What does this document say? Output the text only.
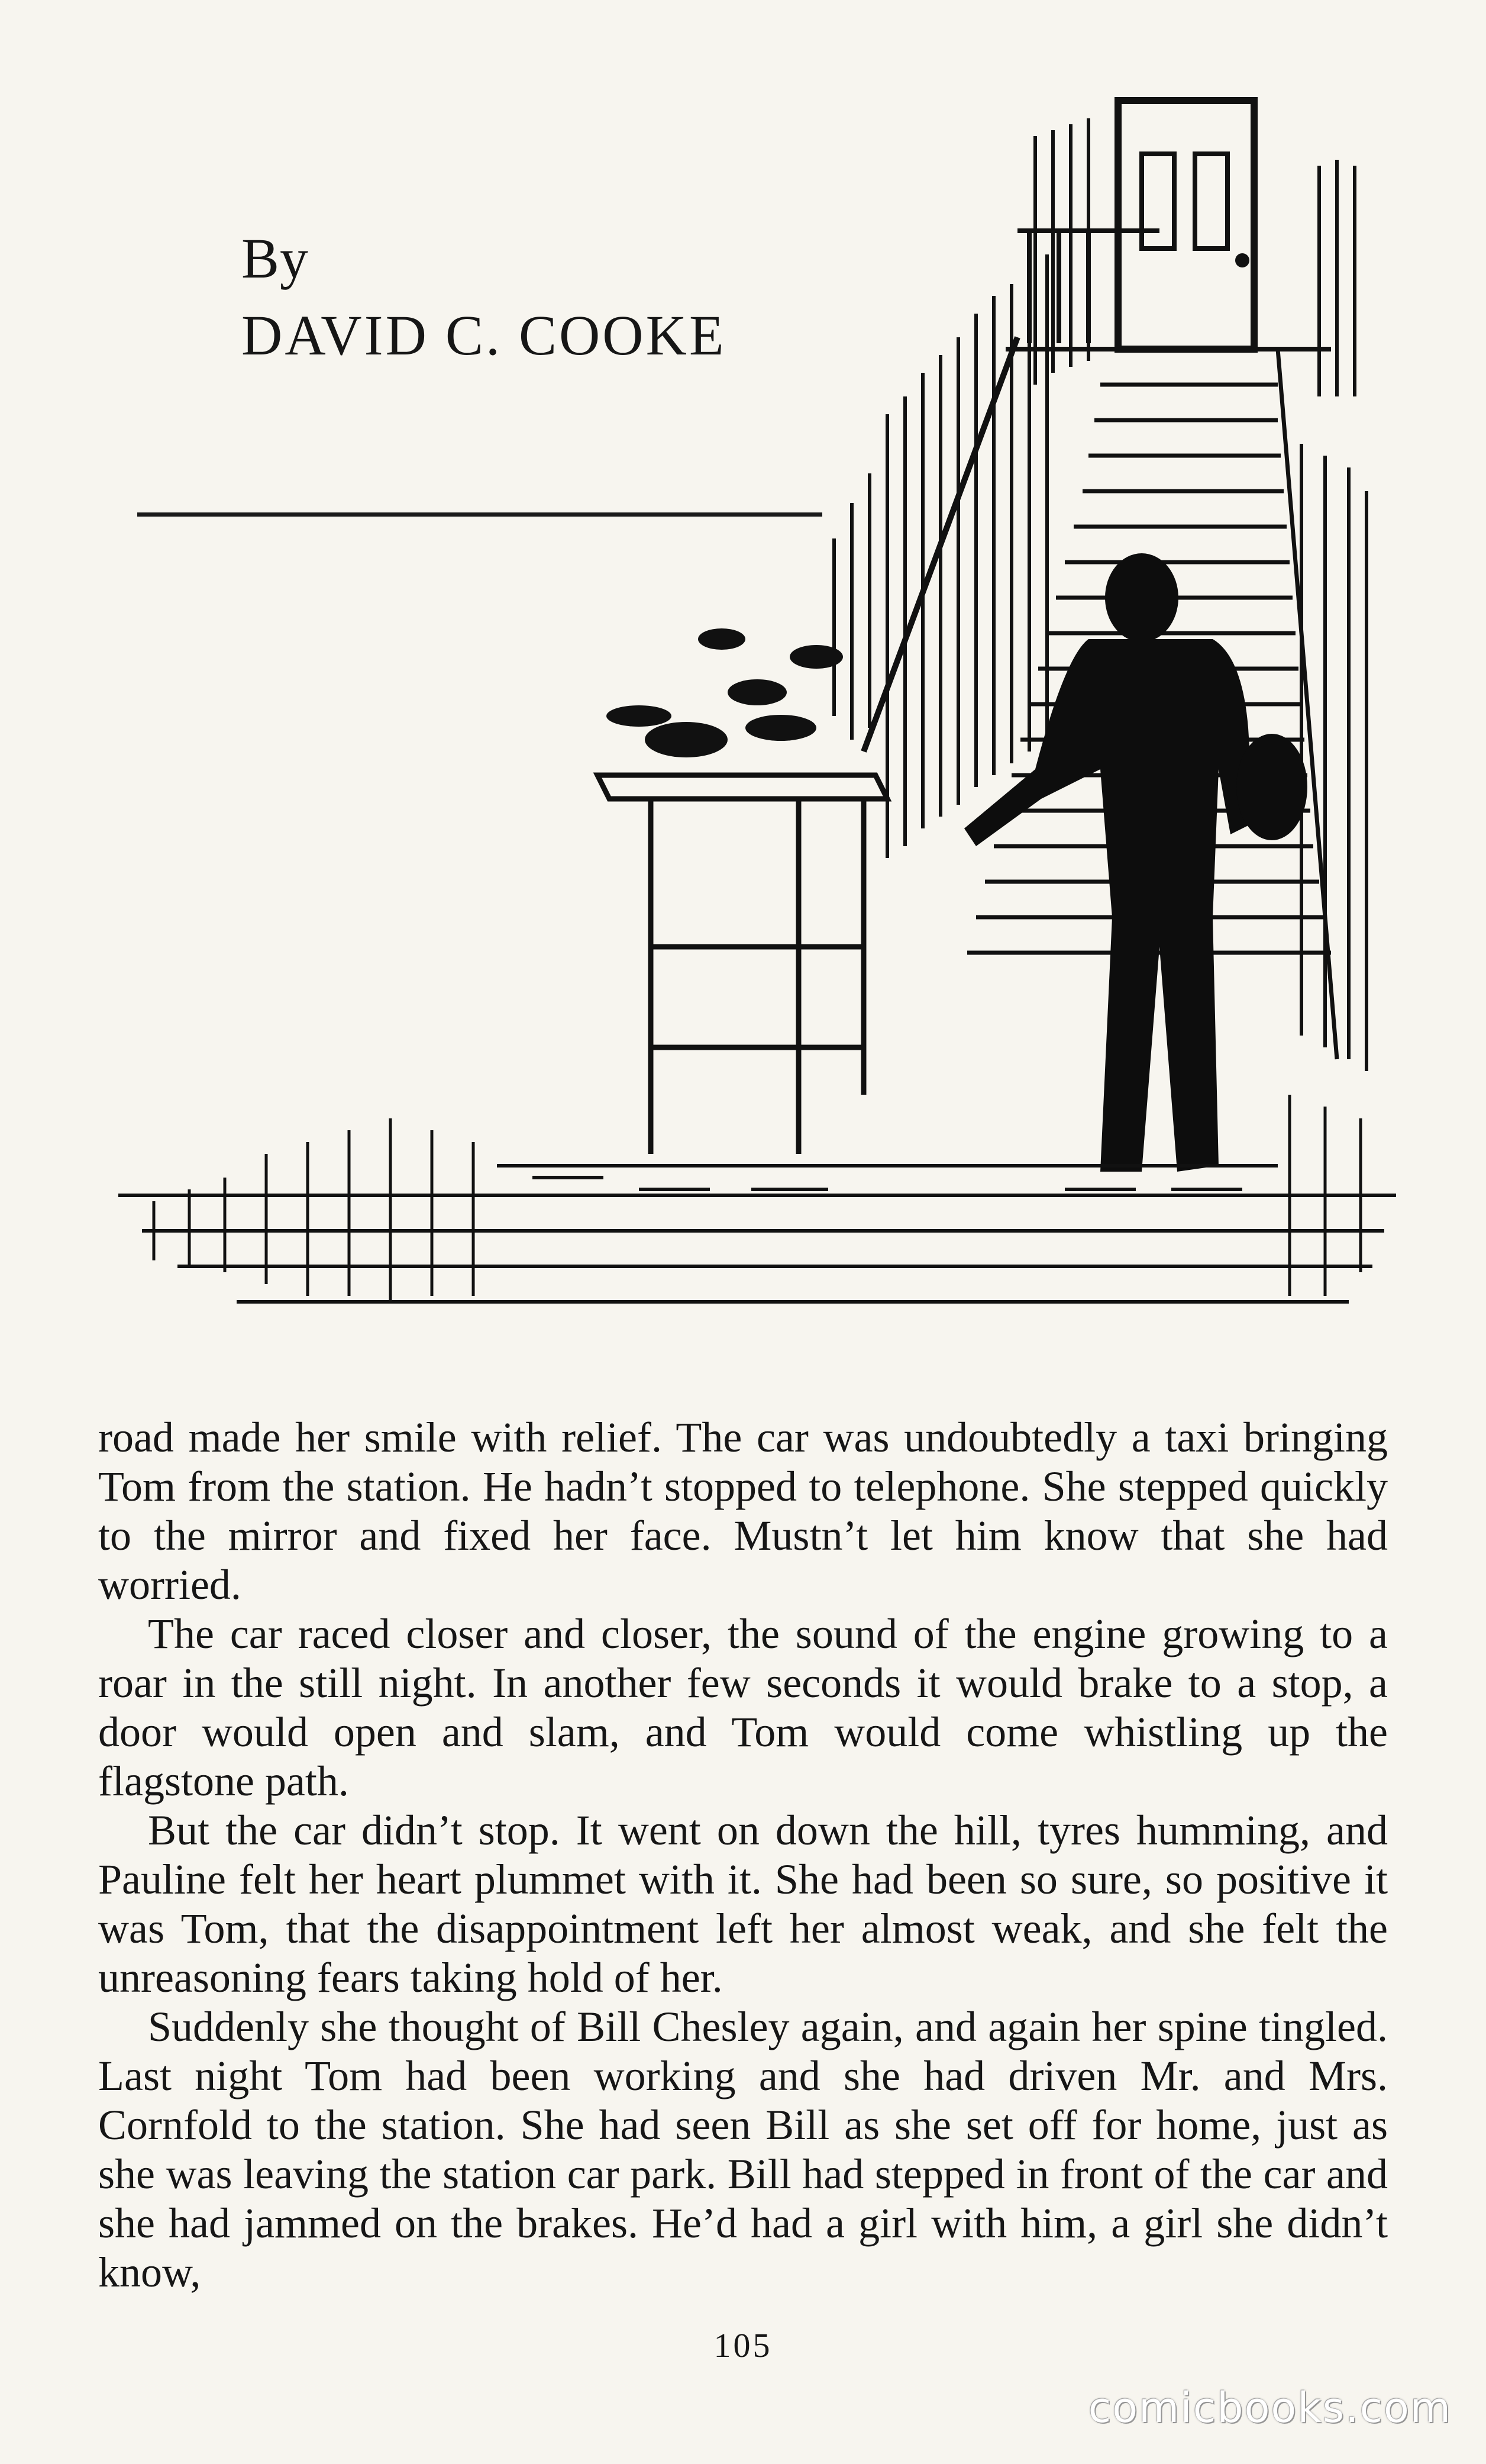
By
DAVID C. COOKE

road made her smile with relief. The car was undoubtedly a taxi bringing Tom from the station. He hadn’t stopped to telephone. She stepped quickly to the mirror and fixed her face. Mustn’t let him know that she had worried.

The car raced closer and closer, the sound of the engine growing to a roar in the still night. In another few seconds it would brake to a stop, a door would open and slam, and Tom would come whistling up the flagstone path.

But the car didn’t stop. It went on down the hill, tyres humming, and Pauline felt her heart plummet with it. She had been so sure, so positive it was Tom, that the disappointment left her almost weak, and she felt the unreasoning fears taking hold of her.

Suddenly she thought of Bill Chesley again, and again her spine tingled. Last night Tom had been working and she had driven Mr. and Mrs. Cornfold to the station. She had seen Bill as she set off for home, just as she was leaving the station car park. Bill had stepped in front of the car and she had jammed on the brakes. He’d had a girl with him, a girl she didn’t know,

105
comicbooks.com
